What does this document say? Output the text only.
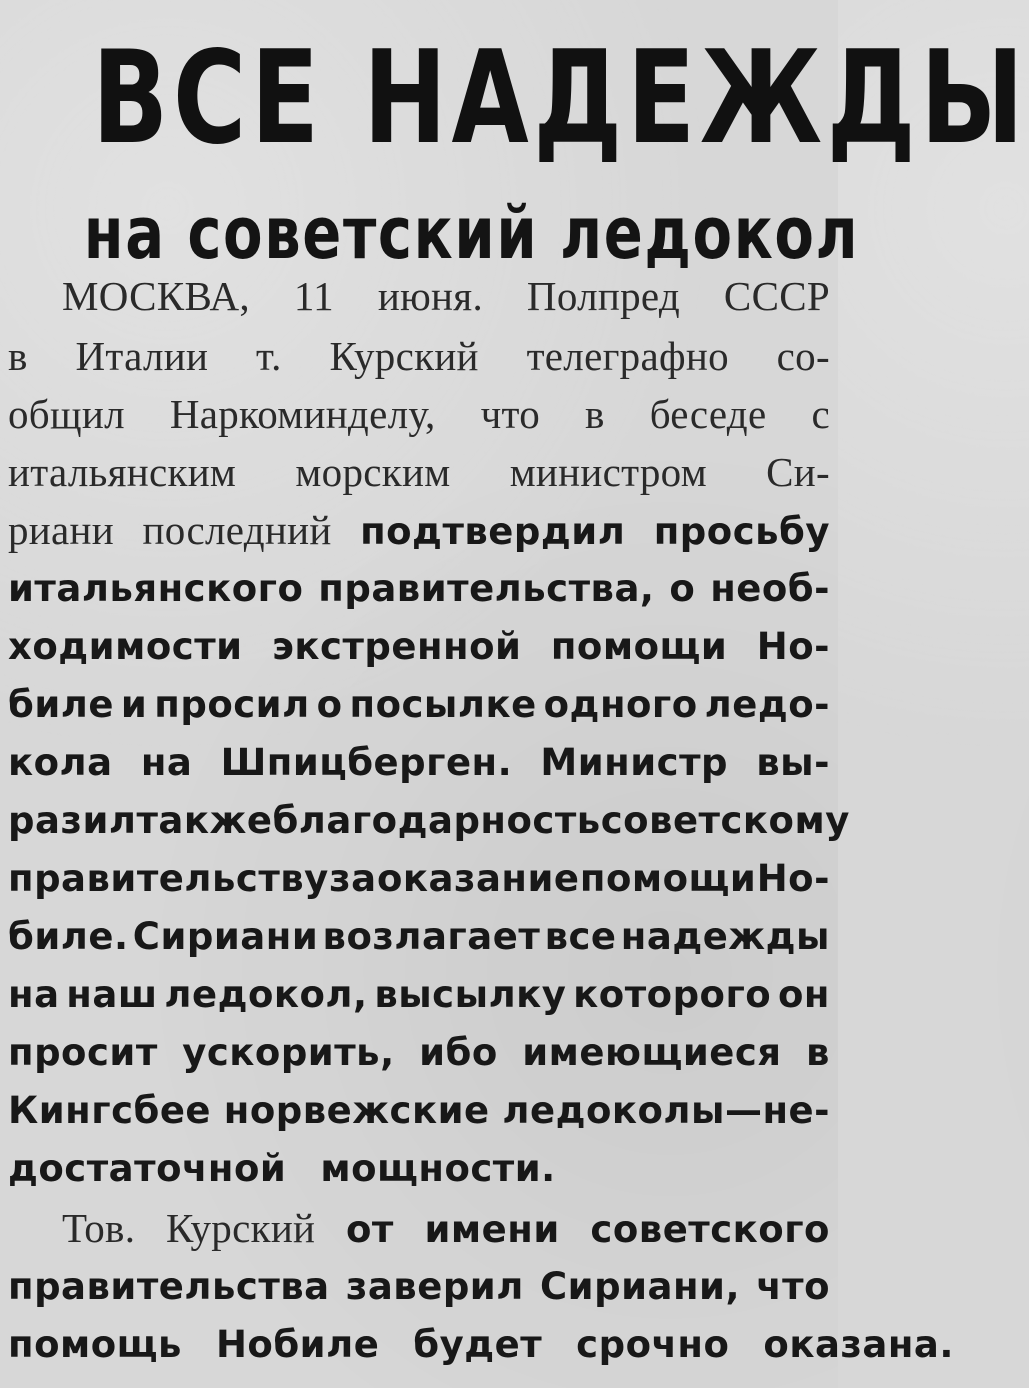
ВСЕ НАДЕЖДЫ
на советский ледокол
МОСКВА, 11 июня. Полпред СССР
в Италии т. Курский телеграфно со-
общил Наркоминделу, что в беседе с
итальянским морским министром Си-
риани последний подтвердил просьбу
итальянского правительства, о необ-
ходимости экстренной помощи Но-
биле и просил о посылке одного ледо-
кола на Шпицберген. Министр вы-
разил также благодарность советскому
правительству за оказание помощи Но-
биле. Сириани возлагает все надежды
на наш ледокол, высылку которого он
просит ускорить, ибо имеющиеся в
Кингсбее норвежские ледоколы—не-
достаточной мощности.
Тов. Курский от имени советского
правительства заверил Сириани, что
помощь Нобиле будет срочно оказана.
